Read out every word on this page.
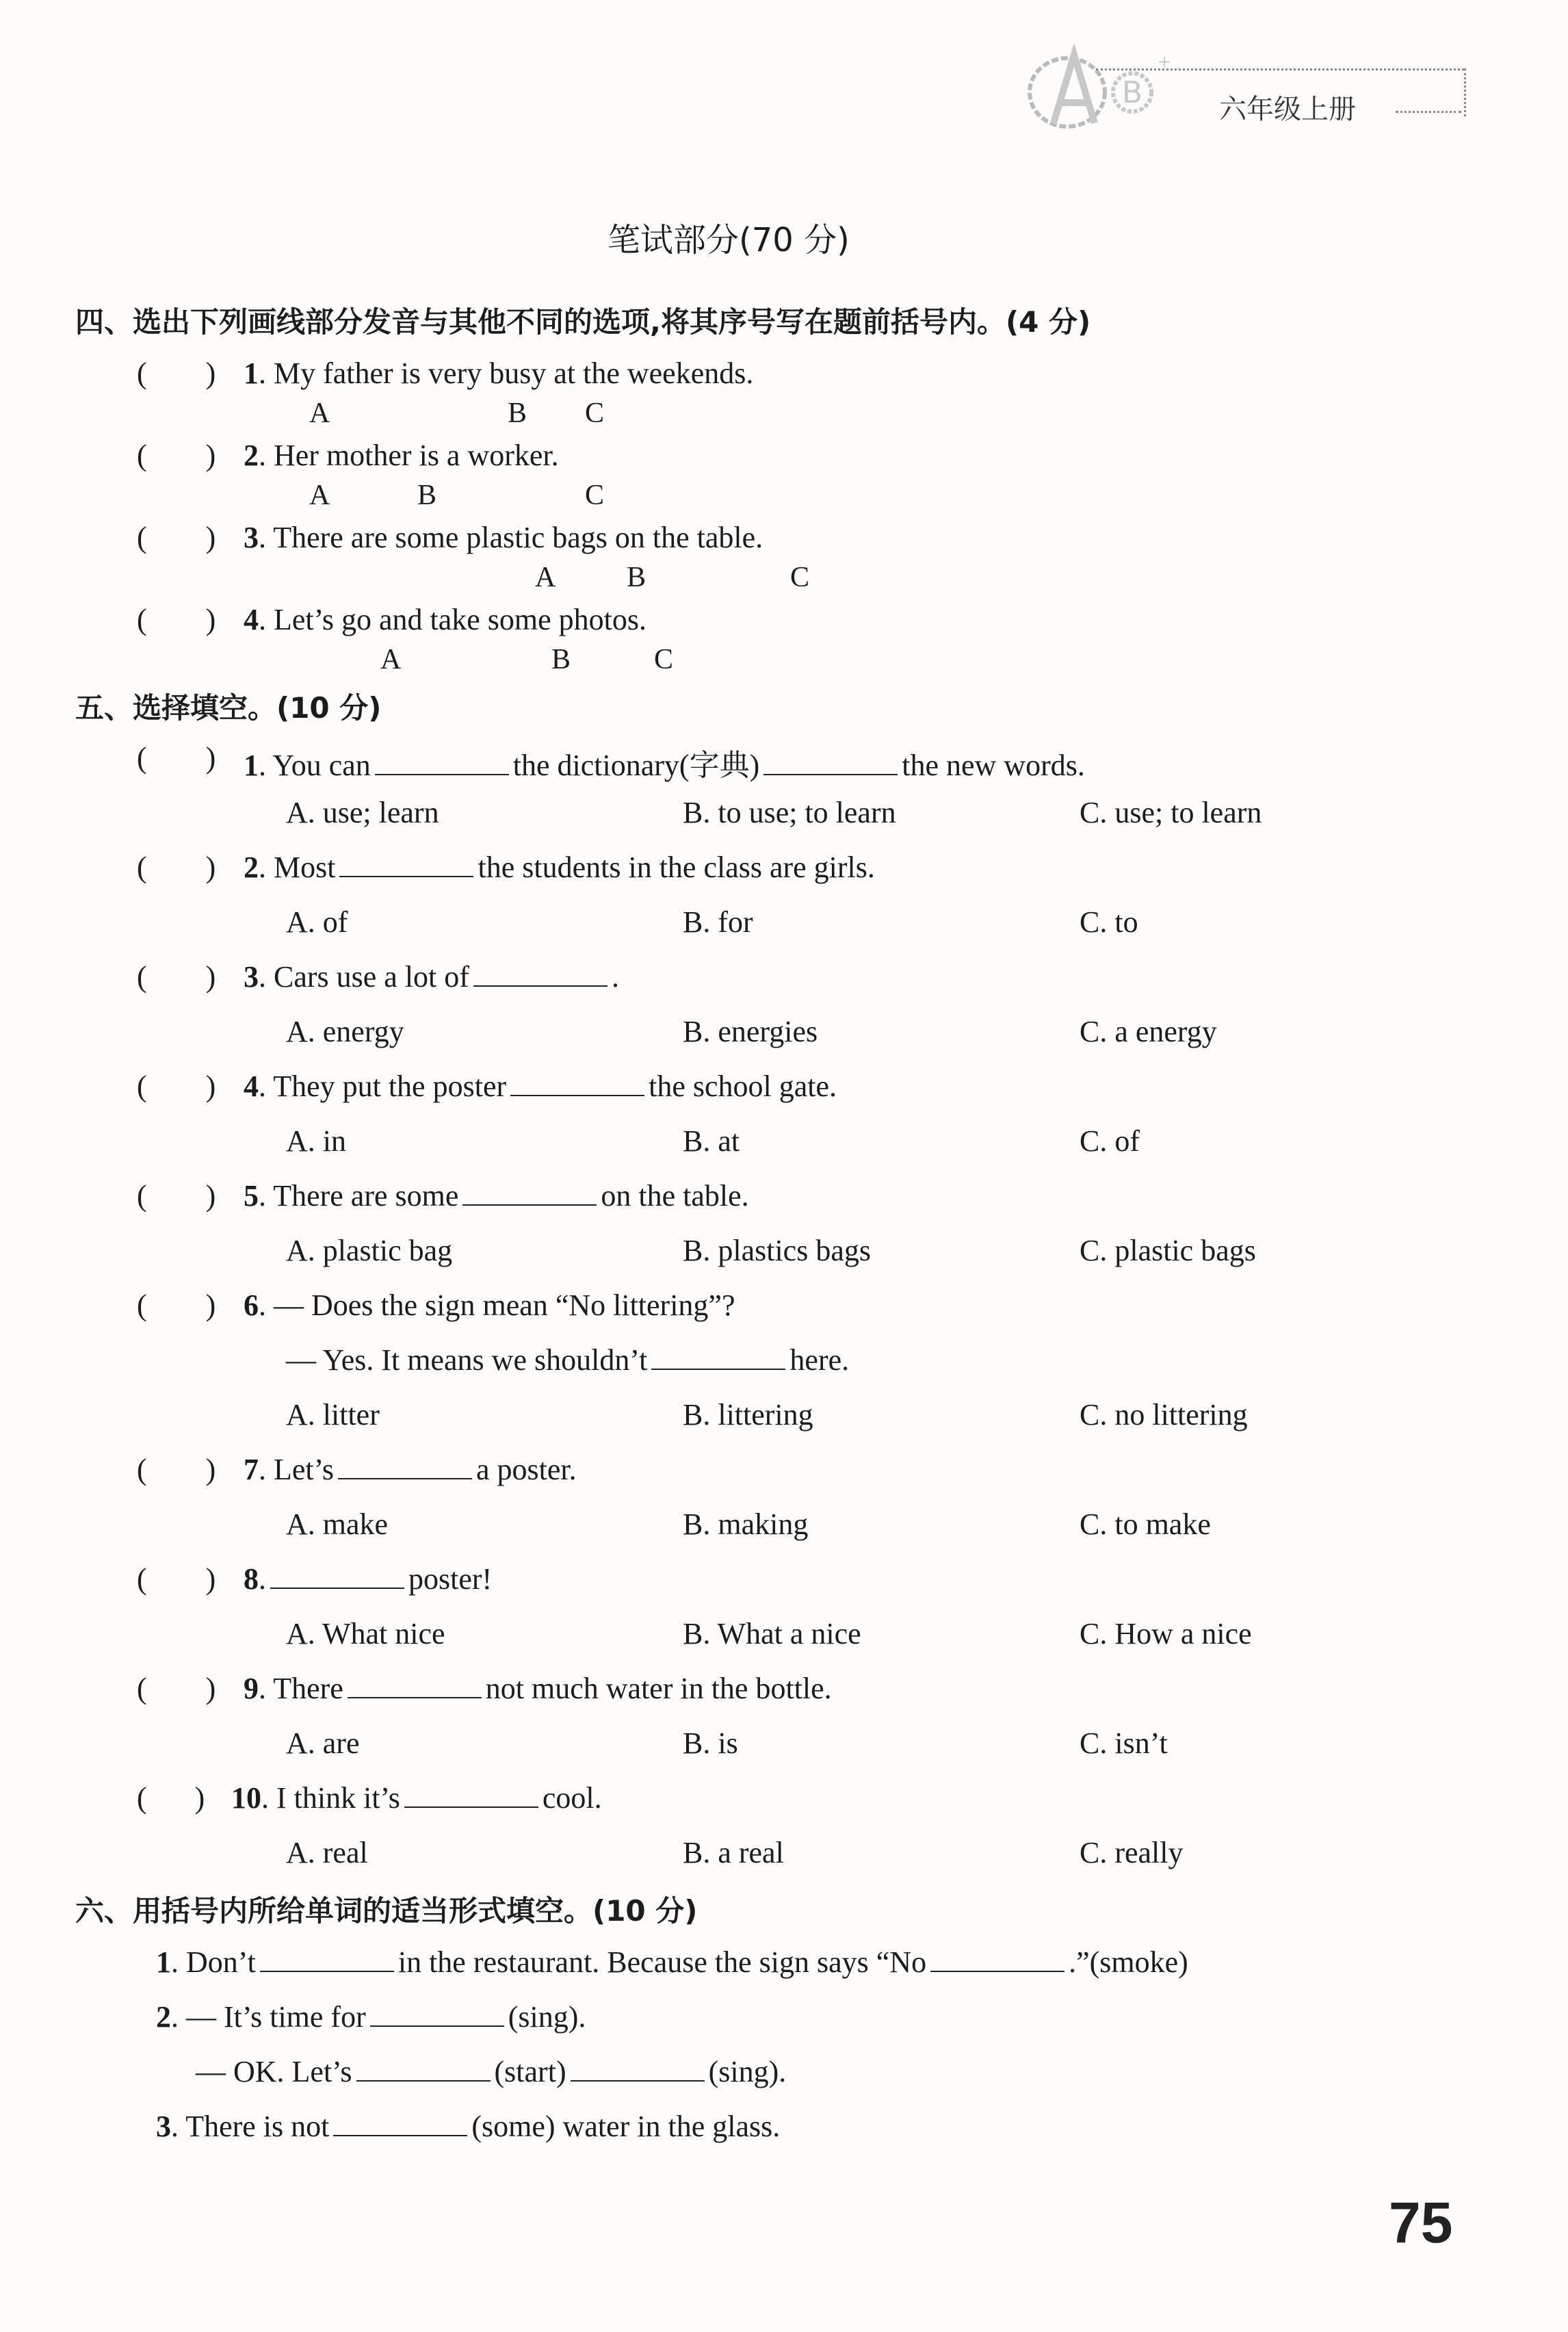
B
+
六年级上册
笔试部分(70 分)
四、选出下列画线部分发音与其他不同的选项,将其序号写在题前括号内。(4 分)
( ) 1. My father is very busy at the weekends.
A	B C
( ) 2. Her mother is a worker.
A	B	C
( ) 3. There are some plastic bags on the table.
A B	C
( ) 4. Let’s go and take some photos.
A	B	C
五、选择填空。(10 分)
( ) 1. You can	the dictionary(字典)	the new words.
A. use; learn	B. to use; to learn	C. use; to learn
( ) 2. Most	the students in the class are girls.
A. of	B. for	C. to
( ) 3. Cars use a lot of	.
A. energy	B. energies	C. a energy
( ) 4. They put the poster	the school gate.
A. in	B. at	C. of
( ) 5. There are some	on the table.
A. plastic bag	B. plastics bags	C. plastic bags
( ) 6. — Does the sign mean “No littering”?
— Yes. It means we shouldn’t	here.
A. litter	B. littering	C. no littering
( ) 7. Let’s	a poster.
A. make	B. making	C. to make
( ) 8.	poster!
A. What nice	B. What a nice	C. How a nice
( ) 9. There	not much water in the bottle.
A. are	B. is	C. isn’t
( ) 10. I think it’s	cool.
A. real	B. a real	C. really
六、用括号内所给单词的适当形式填空。(10 分)
1. Don’t	in the restaurant. Because the sign says “No	.”(smoke)
2. — It’s time for	(sing).
— OK. Let’s	(start)	(sing).
3. There is not	(some) water in the glass.
75
